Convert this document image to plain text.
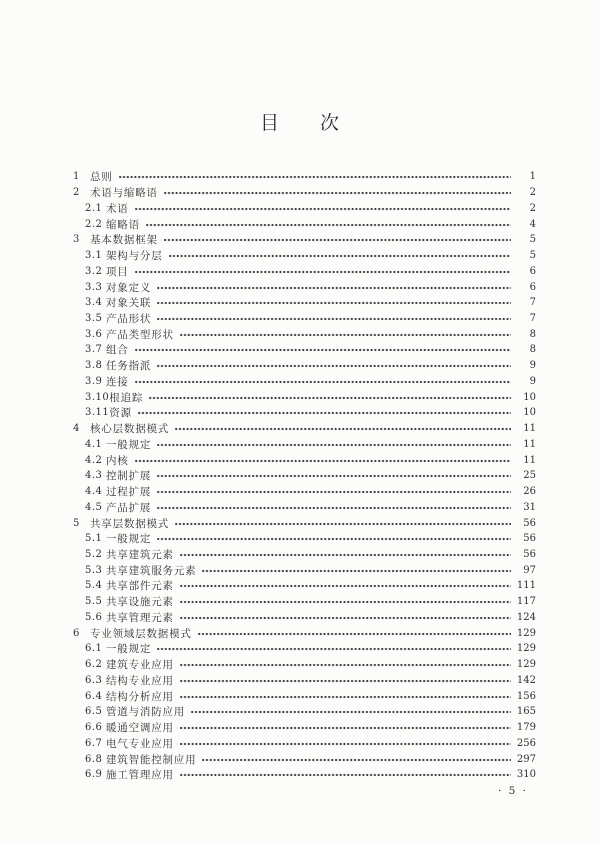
目　　次
1 总则	1
2 术语与缩略语	2
2.1 术语	2
2.2 缩略语	4
3 基本数据框架	5
3.1 架构与分层	5
3.2 项目	6
3.3 对象定义	6
3.4 对象关联	7
3.5 产品形状	7
3.6 产品类型形状	8
3.7 组合	8
3.8 任务指派	9
3.9 连接	9
3.10 根追踪	10
3.11 资源	10
4 核心层数据模式	11
4.1 一般规定	11
4.2 内核	11
4.3 控制扩展	25
4.4 过程扩展	26
4.5 产品扩展	31
5 共享层数据模式	56
5.1 一般规定	56
5.2 共享建筑元素	56
5.3 共享建筑服务元素	97
5.4 共享部件元素	111
5.5 共享设施元素	117
5.6 共享管理元素	124
6 专业领域层数据模式	129
6.1 一般规定	129
6.2 建筑专业应用	129
6.3 结构专业应用	142
6.4 结构分析应用	156
6.5 管道与消防应用	165
6.6 暖通空调应用	179
6.7 电气专业应用	256
6.8 建筑智能控制应用	297
6.9 施工管理应用	310
· 5 ·
